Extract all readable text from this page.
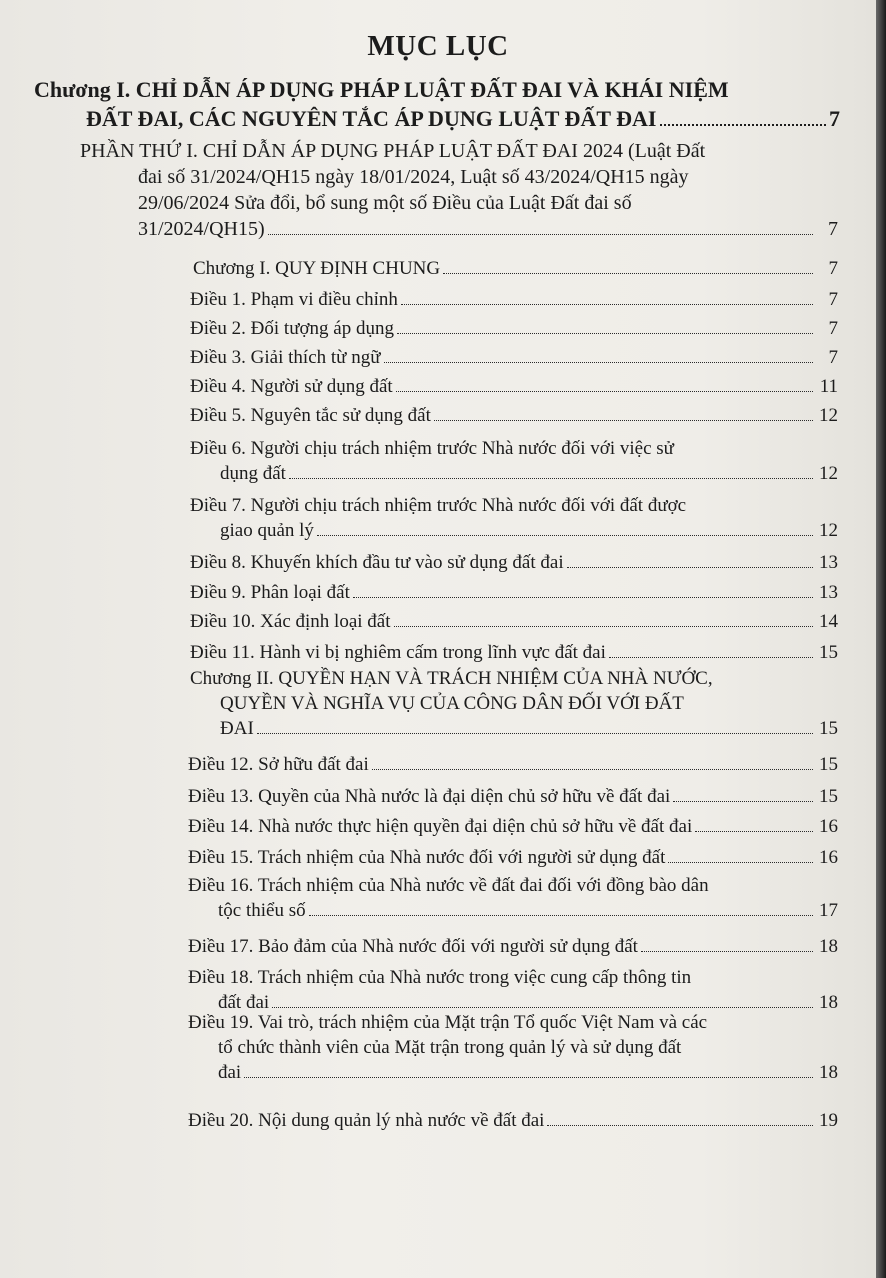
MỤC LỤC
Chương I. CHỈ DẪN ÁP DỤNG PHÁP LUẬT ĐẤT ĐAI VÀ KHÁI NIỆM
ĐẤT ĐAI, CÁC NGUYÊN TẮC ÁP DỤNG LUẬT ĐẤT ĐAI	7
PHẦN THỨ I. CHỈ DẪN ÁP DỤNG PHÁP LUẬT ĐẤT ĐAI 2024 (Luật Đất
đai số 31/2024/QH15 ngày 18/01/2024, Luật số 43/2024/QH15 ngày
29/06/2024 Sửa đổi, bổ sung một số Điều của Luật Đất đai số
31/2024/QH15)	7
Chương I. QUY ĐỊNH CHUNG	7
Điều 1. Phạm vi điều chỉnh	7
Điều 2. Đối tượng áp dụng	7
Điều 3. Giải thích từ ngữ	7
Điều 4. Người sử dụng đất	11
Điều 5. Nguyên tắc sử dụng đất	12
Điều 6. Người chịu trách nhiệm trước Nhà nước đối với việc sử
dụng đất	12
Điều 7. Người chịu trách nhiệm trước Nhà nước đối với đất được
giao quản lý	12
Điều 8. Khuyến khích đầu tư vào sử dụng đất đai	13
Điều 9. Phân loại đất	13
Điều 10. Xác định loại đất	14
Điều 11. Hành vi bị nghiêm cấm trong lĩnh vực đất đai	15
Chương II. QUYỀN HẠN VÀ TRÁCH NHIỆM CỦA NHÀ NƯỚC,
QUYỀN VÀ NGHĨA VỤ CỦA CÔNG DÂN ĐỐI VỚI ĐẤT
ĐAI	15
Điều 12. Sở hữu đất đai	15
Điều 13. Quyền của Nhà nước là đại diện chủ sở hữu về đất đai	15
Điều 14. Nhà nước thực hiện quyền đại diện chủ sở hữu về đất đai	16
Điều 15. Trách nhiệm của Nhà nước đối với người sử dụng đất	16
Điều 16. Trách nhiệm của Nhà nước về đất đai đối với đồng bào dân
tộc thiểu số	17
Điều 17. Bảo đảm của Nhà nước đối với người sử dụng đất	18
Điều 18. Trách nhiệm của Nhà nước trong việc cung cấp thông tin
đất đai	18
Điều 19. Vai trò, trách nhiệm của Mặt trận Tổ quốc Việt Nam và các
tổ chức thành viên của Mặt trận trong quản lý và sử dụng đất
đai	18
Điều 20. Nội dung quản lý nhà nước về đất đai	19
